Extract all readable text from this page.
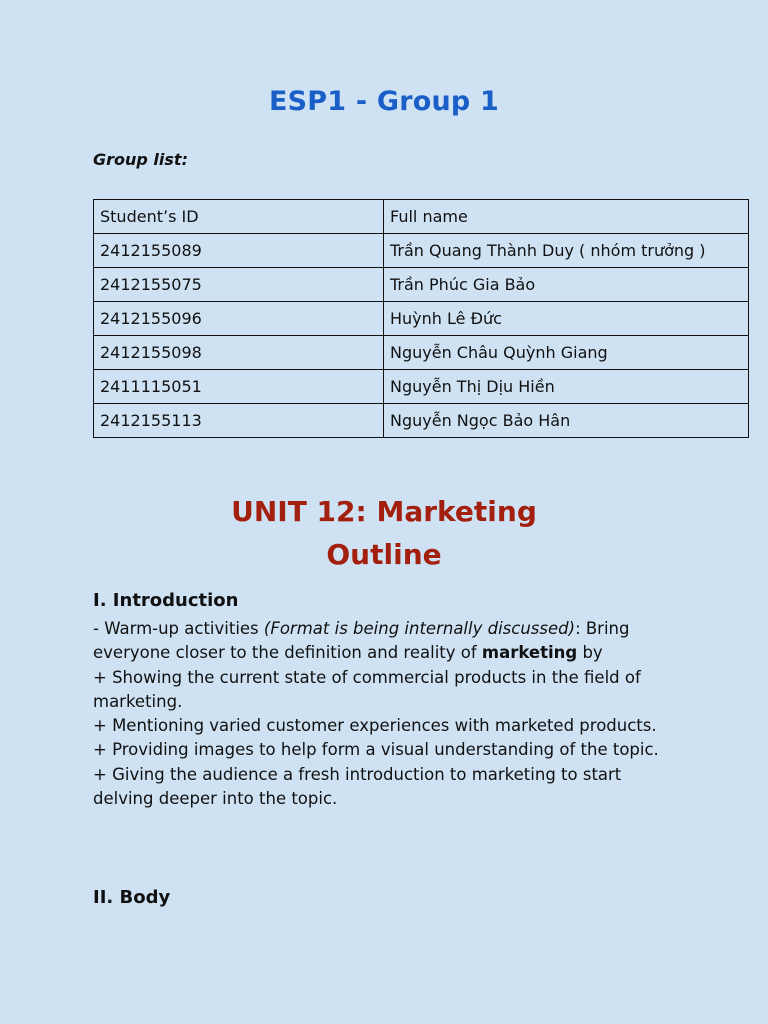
ESP1 - Group 1

Group list:

Student’s ID	Full name
2412155089	Trần Quang Thành Duy ( nhóm trưởng )
2412155075	Trần Phúc Gia Bảo
2412155096	Huỳnh Lê Đức
2412155098	Nguyễn Châu Quỳnh Giang
2411115051	Nguyễn Thị Dịu Hiền
2412155113	Nguyễn Ngọc Bảo Hân
UNIT 12: Marketing
Outline
I. Introduction

- Warm-up activities (Format is being internally discussed): Bring everyone closer to the definition and reality of marketing by

+ Showing the current state of commercial products in the field of marketing.

+ Mentioning varied customer experiences with marketed products.

+ Providing images to help form a visual understanding of the topic.

+ Giving the audience a fresh introduction to marketing to start delving deeper into the topic.

II. Body
